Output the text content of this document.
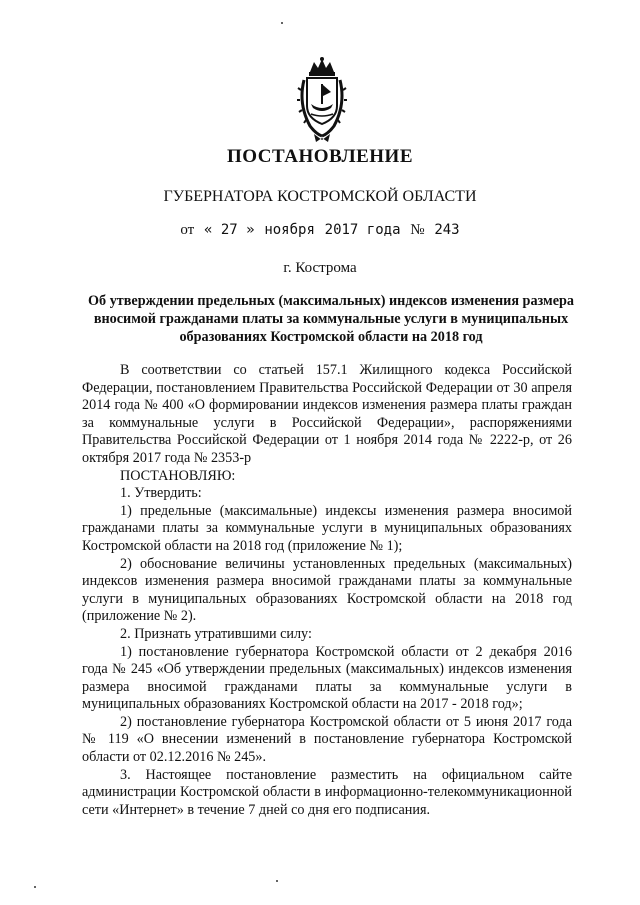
ПОСТАНОВЛЕНИЕ
ГУБЕРНАТОРА КОСТРОМСКОЙ ОБЛАСТИ
от « 27 » ноября 2017 года № 243
г. Кострома
Об утверждении предельных (максимальных) индексов изменения размера вносимой гражданами платы за коммунальные услуги в муниципальных образованиях Костромской области на 2018 год

В соответствии со статьей 157.1 Жилищного кодекса Российской Федерации, постановлением Правительства Российской Федерации от 30 апреля 2014 года № 400 «О формировании индексов изменения размера платы граждан за коммунальные услуги в Российской Федерации», распоряжениями Правительства Российской Федерации от 1 ноября 2014 года № 2222-р, от 26 октября 2017 года № 2353-р

ПОСТАНОВЛЯЮ:

1. Утвердить:

1) предельные (максимальные) индексы изменения размера вносимой гражданами платы за коммунальные услуги в муниципальных образованиях Костромской области на 2018 год (приложение № 1);

2) обоснование величины установленных предельных (максимальных) индексов изменения размера вносимой гражданами платы за коммунальные услуги в муниципальных образованиях Костромской области на 2018 год (приложение № 2).

2. Признать утратившими силу:

1) постановление губернатора Костромской области от 2 декабря 2016 года № 245 «Об утверждении предельных (максимальных) индексов изменения размера вносимой гражданами платы за коммунальные услуги в муниципальных образованиях Костромской области на 2017 - 2018 год»;

2) постановление губернатора Костромской области от 5 июня 2017 года № 119 «О внесении изменений в постановление губернатора Костромской области от 02.12.2016 № 245».

3. Настоящее постановление разместить на официальном сайте администрации Костромской области в информационно-телекоммуникационной сети «Интернет» в течение 7 дней со дня его подписания.
